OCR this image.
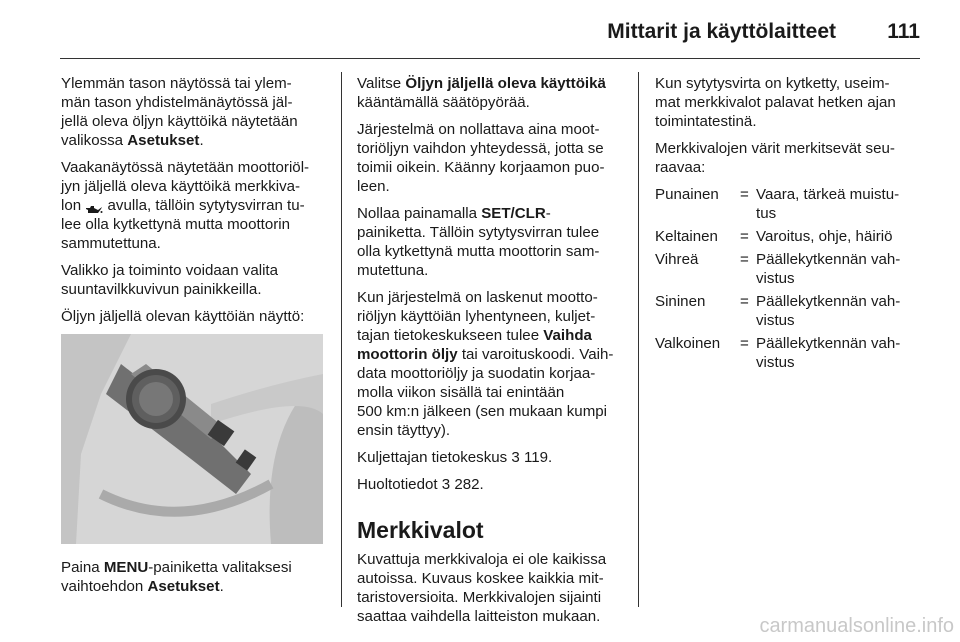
Mittarit ja käyttölaitteet 111

Ylemmän tason näytössä tai ylem-
män tason yhdistelmänäytössä jäl-
jellä oleva öljyn käyttöikä näytetään
valikossa Asetukset.

Vaakanäytössä näytetään moottoriöl-
jyn jäljellä oleva käyttöikä merkkiva-
lon  avulla, tällöin sytytysvirran tu-
lee olla kytkettynä mutta moottorin
sammutettuna.

Valikko ja toiminto voidaan valita
suuntavilkkuvivun painikkeilla.

Öljyn jäljellä olevan käyttöiän näyttö:

Paina MENU-painiketta valitaksesi
vaihtoehdon Asetukset.

Valitse Öljyn jäljellä oleva käyttöikä
kääntämällä säätöpyörää.

Järjestelmä on nollattava aina moot-
toriöljyn vaihdon yhteydessä, jotta se
toimii oikein. Käänny korjaamon puo-
leen.

Nollaa painamalla SET/CLR-
painiketta. Tällöin sytytysvirran tulee
olla kytkettynä mutta moottorin sam-
mutettuna.

Kun järjestelmä on laskenut mootto-
riöljyn käyttöiän lyhentyneen, kuljet-
tajan tietokeskukseen tulee Vaihda
moottorin öljy tai varoituskoodi. Vaih-
data moottoriöljy ja suodatin korjaa-
molla viikon sisällä tai enintään
500 km:n jälkeen (sen mukaan kumpi
ensin täyttyy).

Kuljettajan tietokeskus 3 119.

Huoltotiedot 3 282.

Merkkivalot

Kuvattuja merkkivaloja ei ole kaikissa
autoissa. Kuvaus koskee kaikkia mit-
taristoversioita. Merkkivalojen sijainti
saattaa vaihdella laitteiston mukaan.

Kun sytytysvirta on kytketty, useim-
mat merkkivalot palavat hetken ajan
toimintatestinä.

Merkkivalojen värit merkitsevät seu-
raavaa:

Punainen	= Vaara, tärkeä muistu-
tus
Keltainen	= Varoitus, ohje, häiriö
Vihreä	= Päällekytkennän vah-
vistus
Sininen	= Päällekytkennän vah-
vistus
Valkoinen	= Päällekytkennän vah-
vistus
carmanualsonline.info
